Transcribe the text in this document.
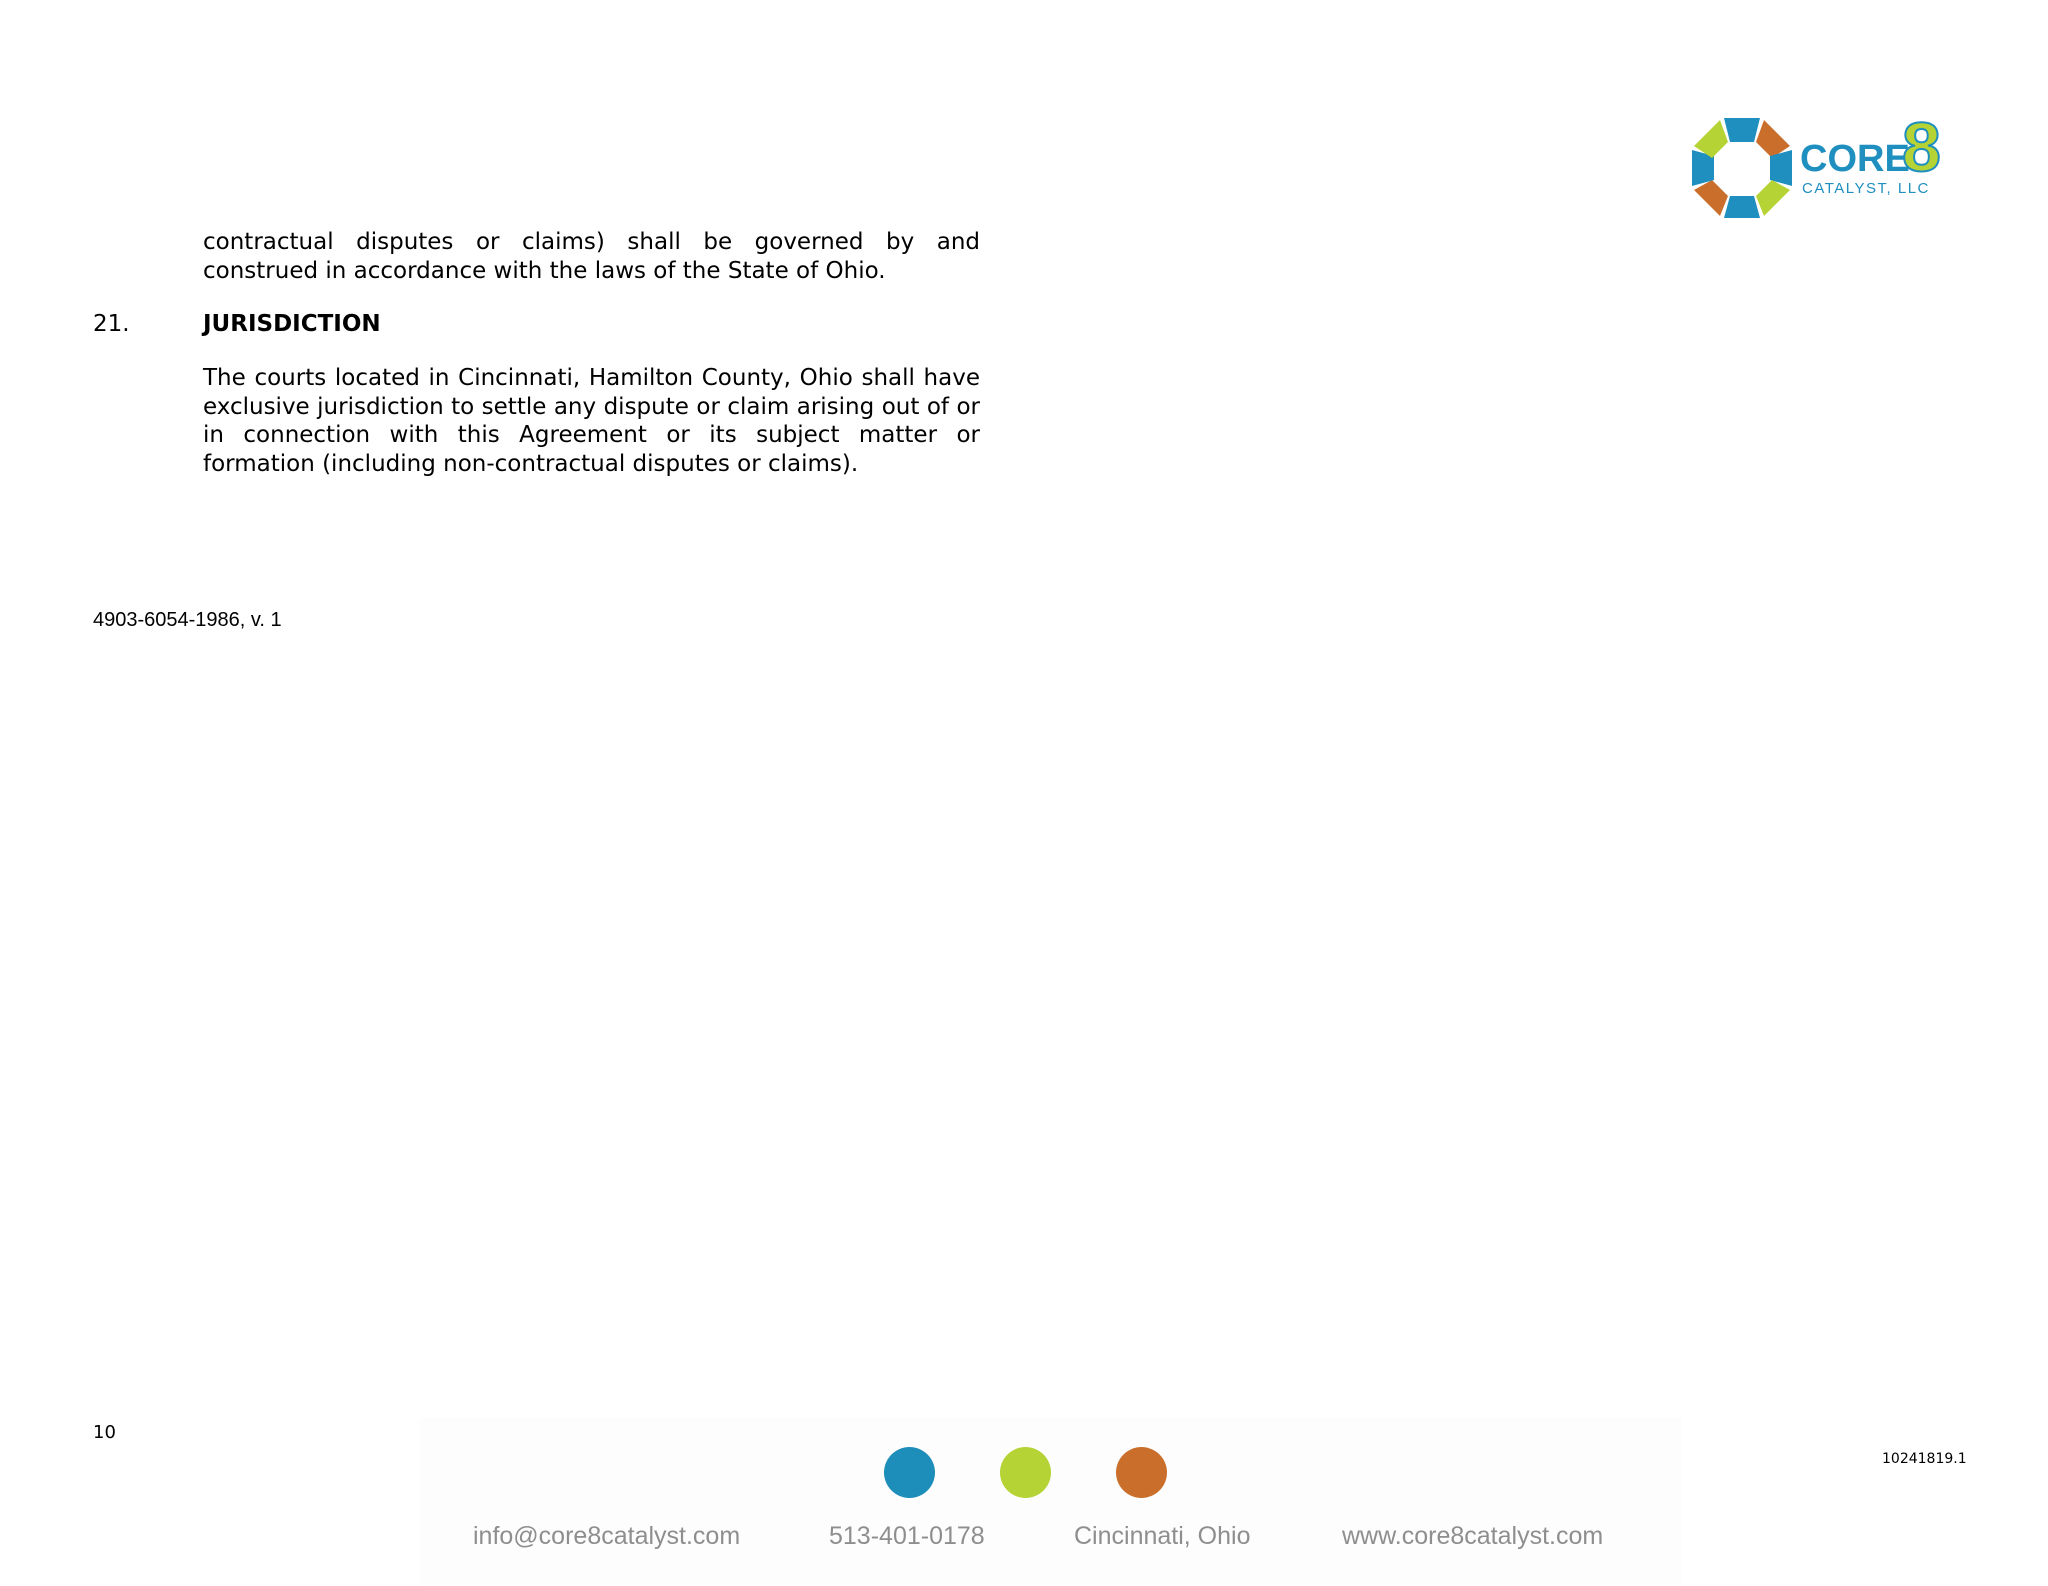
CORE
8
CATALYST, LLC
contractual disputes or claims) shall be governed by and construed in accordance with the laws of the State of Ohio.
21.	JURISDICTION
The courts located in Cincinnati, Hamilton County, Ohio shall have exclusive jurisdiction to settle any dispute or claim arising out of or in connection with this Agreement or its subject matter or formation (including non-contractual disputes or claims).
4903-6054-1986, v. 1
10
10241819.1
info@core8catalyst.com	513-401-0178	Cincinnati, Ohio	www.core8catalyst.com
